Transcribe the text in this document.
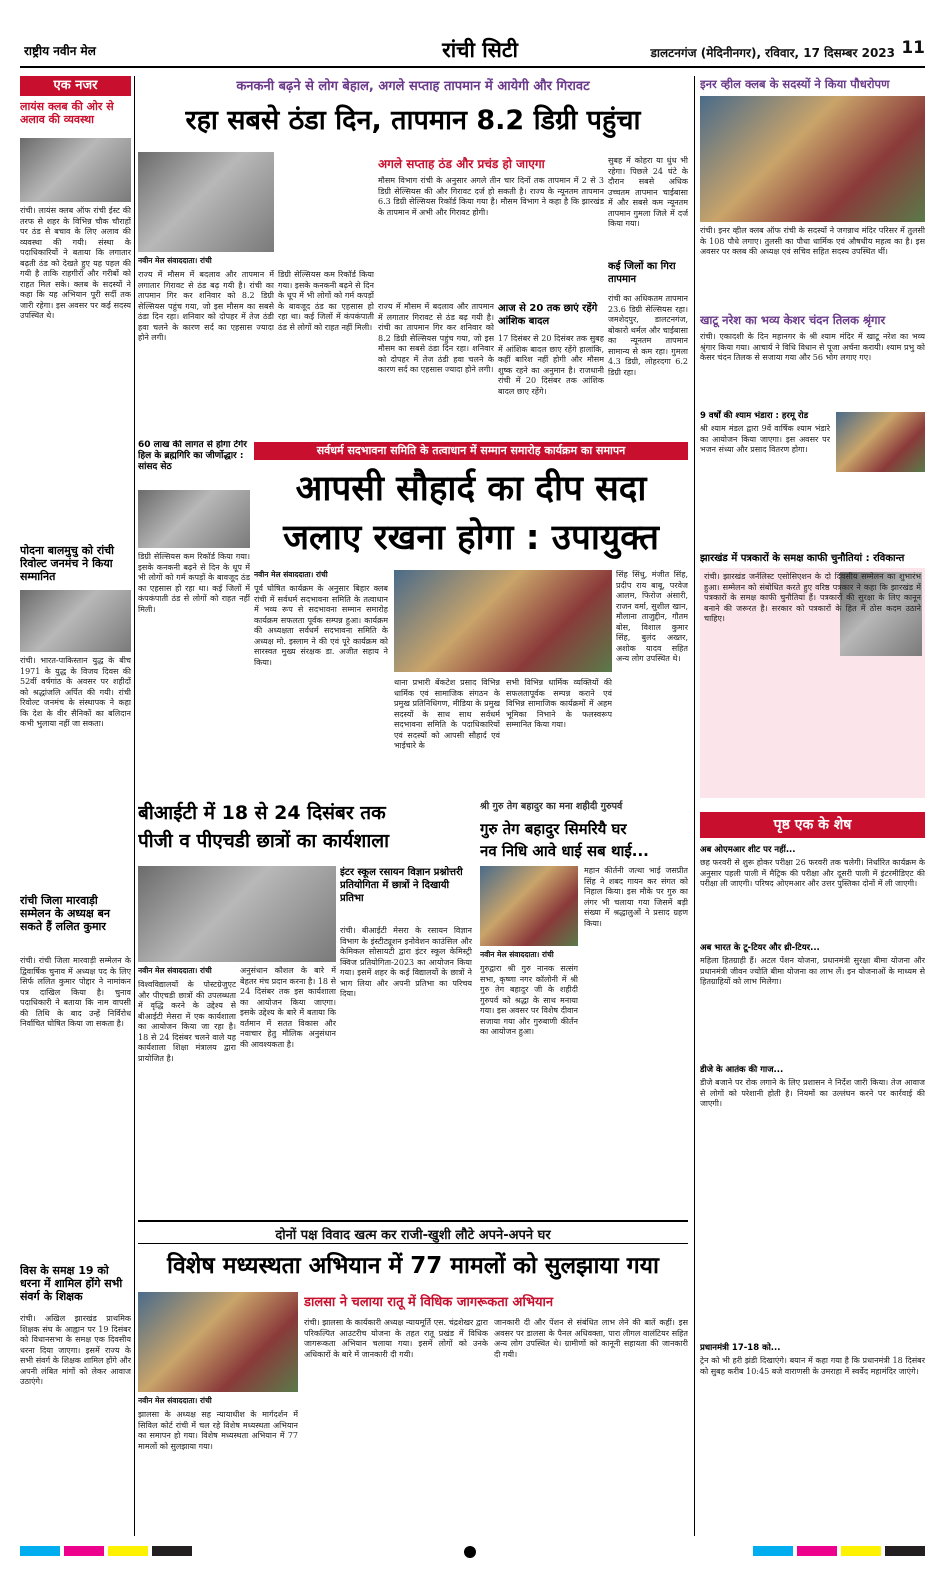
राष्ट्रीय नवीन मेल	रांची सिटी	डालटनगंज (मेदिनीनगर), रविवार, 17 दिसम्बर 2023 11
एक नजर
लायंस क्लब की ओर से अलाव की व्यवस्था
रांची। लायंस क्लब ऑफ रांची ईस्ट की तरफ से शहर के विभिन्न चौक चौराहों पर ठंड से बचाव के लिए अलाव की व्यवस्था की गयी। संस्था के पदाधिकारियों ने बताया कि लगातार बढ़ती ठंड को देखते हुए यह पहल की गयी है ताकि राहगीरों और गरीबों को राहत मिल सके। क्लब के सदस्यों ने कहा कि यह अभियान पूरी सर्दी तक जारी रहेगा। इस अवसर पर कई सदस्य उपस्थित थे।
पोदना बालमुचु को रांची रिवोल्ट जनमंच ने किया सम्मानित
रांची। भारत-पाकिस्तान युद्ध के बीच 1971 के युद्ध के विजय दिवस की 52वीं वर्षगांठ के अवसर पर शहीदों को श्रद्धांजलि अर्पित की गयी। रांची रिवोल्ट जनमंच के संस्थापक ने कहा कि देश के वीर सैनिकों का बलिदान कभी भुलाया नहीं जा सकता।
रांची जिला मारवाड़ी सम्मेलन के अध्यक्ष बन सकते हैं ललित कुमार
रांची। रांची जिला मारवाड़ी सम्मेलन के द्विवार्षिक चुनाव में अध्यक्ष पद के लिए सिर्फ ललित कुमार पोद्दार ने नामांकन पत्र दाखिल किया है। चुनाव पदाधिकारी ने बताया कि नाम वापसी की तिथि के बाद उन्हें निर्विरोध निर्वाचित घोषित किया जा सकता है।
विस के समक्ष 19 को धरना में शामिल होंगे सभी संवर्ग के शिक्षक
रांची। अखिल झारखंड प्राथमिक शिक्षक संघ के आह्वान पर 19 दिसंबर को विधानसभा के समक्ष एक दिवसीय धरना दिया जाएगा। इसमें राज्य के सभी संवर्ग के शिक्षक शामिल होंगे और अपनी लंबित मांगों को लेकर आवाज उठाएंगे।
कनकनी बढ़ने से लोग बेहाल, अगले सप्ताह तापमान में आयेगी और गिरावट
रहा सबसे ठंडा दिन, तापमान 8.2 डिग्री पहुंचा
नवीन मेल संवाददाता। रांची
राज्य में मौसम में बदलाव और तापमान में लगातार गिरावट से ठंड बढ़ गयी है। रांची का तापमान गिर कर शनिवार को 8.2 डिग्री सेल्सियस पहुंच गया, जो इस मौसम का सबसे ठंडा दिन रहा। शनिवार को दोपहर में तेज ठंडी हवा चलने के कारण सर्द का एहसास ज्यादा होने लगी।
डिग्री सेल्सियस कम रिकॉर्ड किया गया। इसके कनकनी बढ़ने से दिन के धूप में भी लोगों को गर्म कपड़ों के बावजूद ठंड का एहसास हो रहा था। कई जिलों में कंपकंपाती ठंड से लोगों को राहत नहीं मिली।
अगले सप्ताह ठंड और प्रचंड हो जाएगा
मौसम विभाग रांची के अनुसार अगले तीन चार दिनों तक तापमान में 2 से 3 डिग्री सेल्सियस की और गिरावट दर्ज हो सकती है। राज्य के न्यूनतम तापमान 6.3 डिग्री सेल्सियस रिकॉर्ड किया गया है। मौसम विभाग ने कहा है कि झारखंड के तापमान में अभी और गिरावट होगी।
सुबह में कोहरा या धुंध भी रहेगा। पिछले 24 घंटे के दौरान सबसे अधिक उच्चतम तापमान चाईबासा में और सबसे कम न्यूनतम तापमान गुमला जिले में दर्ज किया गया।
कई जिलों का गिरा तापमान
रांची का अधिकतम तापमान 23.6 डिग्री सेल्सियस रहा। जमशेदपुर, डालटनगंज, बोकारो थर्मल और चाईबासा का न्यूनतम तापमान सामान्य से कम रहा। गुमला 4.3 डिग्री, लोहरदगा 6.2 डिग्री रहा।
आज से 20 तक छाएं रहेंगे आंशिक बादल
17 दिसंबर से 20 दिसंबर तक सुबह में आंशिक बादल छाए रहेंगे हालांकि, कहीं बारिश नहीं होगी और मौसम शुष्क रहने का अनुमान है। राजधानी रांची में 20 दिसंबर तक आंशिक बादल छाए रहेंगे।
राज्य में मौसम में बदलाव और तापमान में लगातार गिरावट से ठंड बढ़ गयी है। रांची का तापमान गिर कर शनिवार को 8.2 डिग्री सेल्सियस पहुंच गया, जो इस मौसम का सबसे ठंडा दिन रहा। शनिवार को दोपहर में तेज ठंडी हवा चलने के कारण सर्द का एहसास ज्यादा होने लगी।
60 लाख की लागत से होगा टेंगेर हिल के ब्रह्मगिरि का जीर्णोद्धार : सांसद सेठ
डिग्री सेल्सियस कम रिकॉर्ड किया गया। इसके कनकनी बढ़ने से दिन के धूप में भी लोगों को गर्म कपड़ों के बावजूद ठंड का एहसास हो रहा था। कई जिलों में कंपकंपाती ठंड से लोगों को राहत नहीं मिली।
सर्वधर्म सदभावना समिति के तत्वाधान में सम्मान समारोह कार्यक्रम का समापन
आपसी सौहार्द का दीप सदा
जलाए रखना होगा : उपायुक्त
नवीन मेल संवाददाता। रांची
पूर्व घोषित कार्यक्रम के अनुसार बिहार क्लब रांची में सर्वधर्म सदभावना समिति के तत्वाधान में भव्य रूप से सदभावना सम्मान समारोह कार्यक्रम सफलता पूर्वक सम्पन्न हुआ। कार्यक्रम की अध्यक्षता सर्वधर्म सदभावना समिति के अध्यक्ष मो. इस्लाम ने की एवं पूरे कार्यक्रम को सारस्वत मुख्य संरक्षक डा. अजीत सहाय ने किया।
थाना प्रभारी बेंकटेश प्रसाद विभिन्न धार्मिक एवं सामाजिक संगठन के प्रमुख प्रतिनिधिगण, मीडिया के प्रमुख सदस्यों के साथ साथ सर्वधर्म सदभावना समिति के पदाधिकारियों एवं सदस्यों को आपसी सौहार्द एवं भाईचारे के
सभी विभिन्न धार्मिक व्यक्तियों की सफलतापूर्वक सम्पन्न कराने एवं विभिन्न सामाजिक कार्यक्रमों में अहम भूमिका निभाने के फलस्वरूप सम्मानित किया गया।
सिंह सिंधु, मंजीत सिंह, प्रदीप राय बाबू, परवेज आलम, फिरोज अंसारी, राजन वर्मा, सुशील खान, मौलाना ताजुद्दीन, गौतम बोस, विशाल कुमार सिंह, बुलंद अख्तर, अशोक यादव सहित अन्य लोग उपस्थित थे।
बीआईटी में 18 से 24 दिसंबर तक
पीजी व पीएचडी छात्रों का कार्यशाला
नवीन मेल संवाददाता। रांची
विश्वविद्यालयों के पोस्टग्रेजुएट और पीएचडी छात्रों की उपलब्धता में वृद्धि करने के उद्देश्य से बीआईटी मेसरा में एक कार्यशाला का आयोजन किया जा रहा है। 18 से 24 दिसंबर चलने वाले यह कार्यशाला शिक्षा मंत्रालय द्वारा प्रायोजित है।
अनुसंधान कौशल के बारे में बेहतर मंच प्रदान करना है। 18 से 24 दिसंबर तक इस कार्यशाला का आयोजन किया जाएगा। इसके उद्देश्य के बारे में बताया कि वर्तमान में सतत विकास और नवाचार हेतु मौलिक अनुसंधान की आवश्यकता है।
इंटर स्कूल रसायन विज्ञान प्रश्नोत्तरी प्रतियोगिता में छात्रों ने दिखायी प्रतिभा
रांची। बीआईटी मेसरा के रसायन विज्ञान विभाग के इंस्टीट्यूशन इनोवेशन काउंसिल और केमिकल सोसायटी द्वारा इंटर स्कूल केमिस्ट्री क्विज प्रतियोगिता-2023 का आयोजन किया गया। इसमें शहर के कई विद्यालयों के छात्रों ने भाग लिया और अपनी प्रतिभा का परिचय दिया।
श्री गुरु तेग बहादुर का मना शहीदी गुरुपर्व
गुरु तेग बहादुर सिमरियै घर
नव निधि आवे धाई सब थाई...
नवीन मेल संवाददाता। रांची
गुरुद्वारा श्री गुरु नानक सत्संग सभा, कृष्णा नगर कॉलोनी में श्री गुरु तेग बहादुर जी के शहीदी गुरुपर्व को श्रद्धा के साथ मनाया गया। इस अवसर पर विशेष दीवान सजाया गया और गुरुबाणी कीर्तन का आयोजन हुआ।
महान कीर्तनी जत्था भाई जसप्रीत सिंह ने शबद गायन कर संगत को निहाल किया। इस मौके पर गुरु का लंगर भी चलाया गया जिसमें बड़ी संख्या में श्रद्धालुओं ने प्रसाद ग्रहण किया।
दोनों पक्ष विवाद खत्म कर राजी-खुशी लौटे अपने-अपने घर
विशेष मध्यस्थता अभियान में 77 मामलों को सुलझाया गया
नवीन मेल संवाददाता। रांची
झालसा के अध्यक्ष सह न्यायाधीश के मार्गदर्शन में सिविल कोर्ट रांची में चल रहे विशेष मध्यस्थता अभियान का समापन हो गया। विशेष मध्यस्थता अभियान में 77 मामलों को सुलझाया गया।
डालसा ने चलाया रातू में विधिक जागरूकता अभियान
रांची। झालसा के कार्यकारी अध्यक्ष न्यायमूर्ति एस. चंद्रशेखर द्वारा परिकल्पित आउटरीच योजना के तहत रातू प्रखंड में विधिक जागरूकता अभियान चलाया गया। इसमें लोगों को उनके अधिकारों के बारे में जानकारी दी गयी।
जानकारी दी और पेंशन से संबंधित लाभ लेने की बातें कहीं। इस अवसर पर डालसा के पैनल अधिवक्ता, पारा लीगल वालंटियर सहित अन्य लोग उपस्थित थे। ग्रामीणों को कानूनी सहायता की जानकारी दी गयी।
इनर व्हील क्लब के सदस्यों ने किया पौधरोपण
रांची। इनर व्हील क्लब ऑफ रांची के सदस्यों ने जगन्नाथ मंदिर परिसर में तुलसी के 108 पौधे लगाए। तुलसी का पौधा धार्मिक एवं औषधीय महत्व का है। इस अवसर पर क्लब की अध्यक्ष एवं सचिव सहित सदस्य उपस्थित थीं।
खाटू नरेश का भव्य केशर चंदन तिलक श्रृंगार
रांची। एकादशी के दिन महानगर के श्री श्याम मंदिर में खाटू नरेश का भव्य श्रृंगार किया गया। आचार्य ने विधि विधान से पूजा अर्चना करायी। श्याम प्रभु को केसर चंदन तिलक से सजाया गया और 56 भोग लगाए गए।
9 वर्षों की श्याम भंडारा : हरमू रोड
श्री श्याम मंडल द्वारा 9वें वार्षिक श्याम भंडारे का आयोजन किया जाएगा। इस अवसर पर भजन संध्या और प्रसाद वितरण होगा।
झारखंड में पत्रकारों के समक्ष काफी चुनौतियां : रविकान्त
रांची। झारखंड जर्नलिस्ट एसोसिएशन के दो दिवसीय सम्मेलन का शुभारंभ हुआ। सम्मेलन को संबोधित करते हुए वरिष्ठ पत्रकार ने कहा कि झारखंड में पत्रकारों के समक्ष काफी चुनौतियां हैं। पत्रकारों की सुरक्षा के लिए कानून बनाने की जरूरत है। सरकार को पत्रकारों के हित में ठोस कदम उठाने चाहिए।
पृष्ठ एक के शेष
अब ओएमआर शीट पर नहीं...
छह फरवरी से शुरू होकर परीक्षा 26 फरवरी तक चलेगी। निर्धारित कार्यक्रम के अनुसार पहली पाली में मैट्रिक की परीक्षा और दूसरी पाली में इंटरमीडिएट की परीक्षा ली जाएगी। परिषद ओएमआर और उत्तर पुस्तिका दोनों में ली जाएगी।
अब भारत के टू-टियर और थ्री-टियर...
महिला हितग्राही हैं। अटल पेंशन योजना, प्रधानमंत्री सुरक्षा बीमा योजना और प्रधानमंत्री जीवन ज्योति बीमा योजना का लाभ लें। इन योजनाओं के माध्यम से हितग्राहियों को लाभ मिलेगा।
डीजे के आतंक की गाज...
डीजे बजाने पर रोक लगाने के लिए प्रशासन ने निर्देश जारी किया। तेज आवाज से लोगों को परेशानी होती है। नियमों का उल्लंघन करने पर कार्रवाई की जाएगी।
प्रधानमंत्री 17-18 को...
ट्रेन को भी हरी झंडी दिखाएंगे। बयान में कहा गया है कि प्रधानमंत्री 18 दिसंबर को सुबह करीब 10:45 बजे वाराणसी के उमराहा में स्वर्वेद महामंदिर जाएंगे।
